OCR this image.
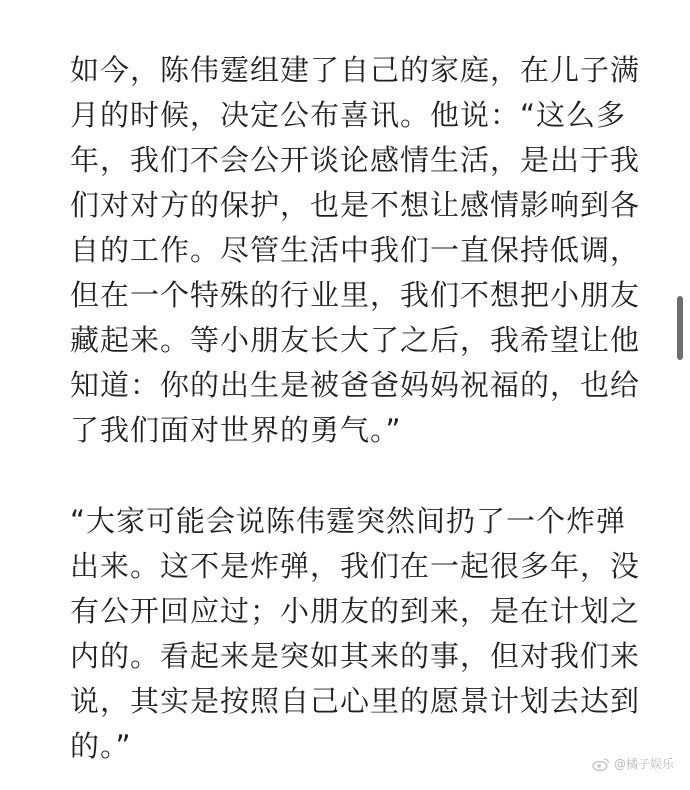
如今，陈伟霆组建了自己的家庭，在儿子满
月的时候，决定公布喜讯。他说：“这么多
年，我们不会公开谈论感情生活，是出于我
们对对方的保护，也是不想让感情影响到各
自的工作。尽管生活中我们一直保持低调，
但在一个特殊的行业里，我们不想把小朋友
藏起来。等小朋友长大了之后，我希望让他
知道：你的出生是被爸爸妈妈祝福的，也给
了我们面对世界的勇气。”

“大家可能会说陈伟霆突然间扔了一个炸弹
出来。这不是炸弹，我们在一起很多年，没
有公开回应过；小朋友的到来，是在计划之
内的。看起来是突如其来的事，但对我们来
说，其实是按照自己心里的愿景计划去达到
的。”

@橘子娱乐
